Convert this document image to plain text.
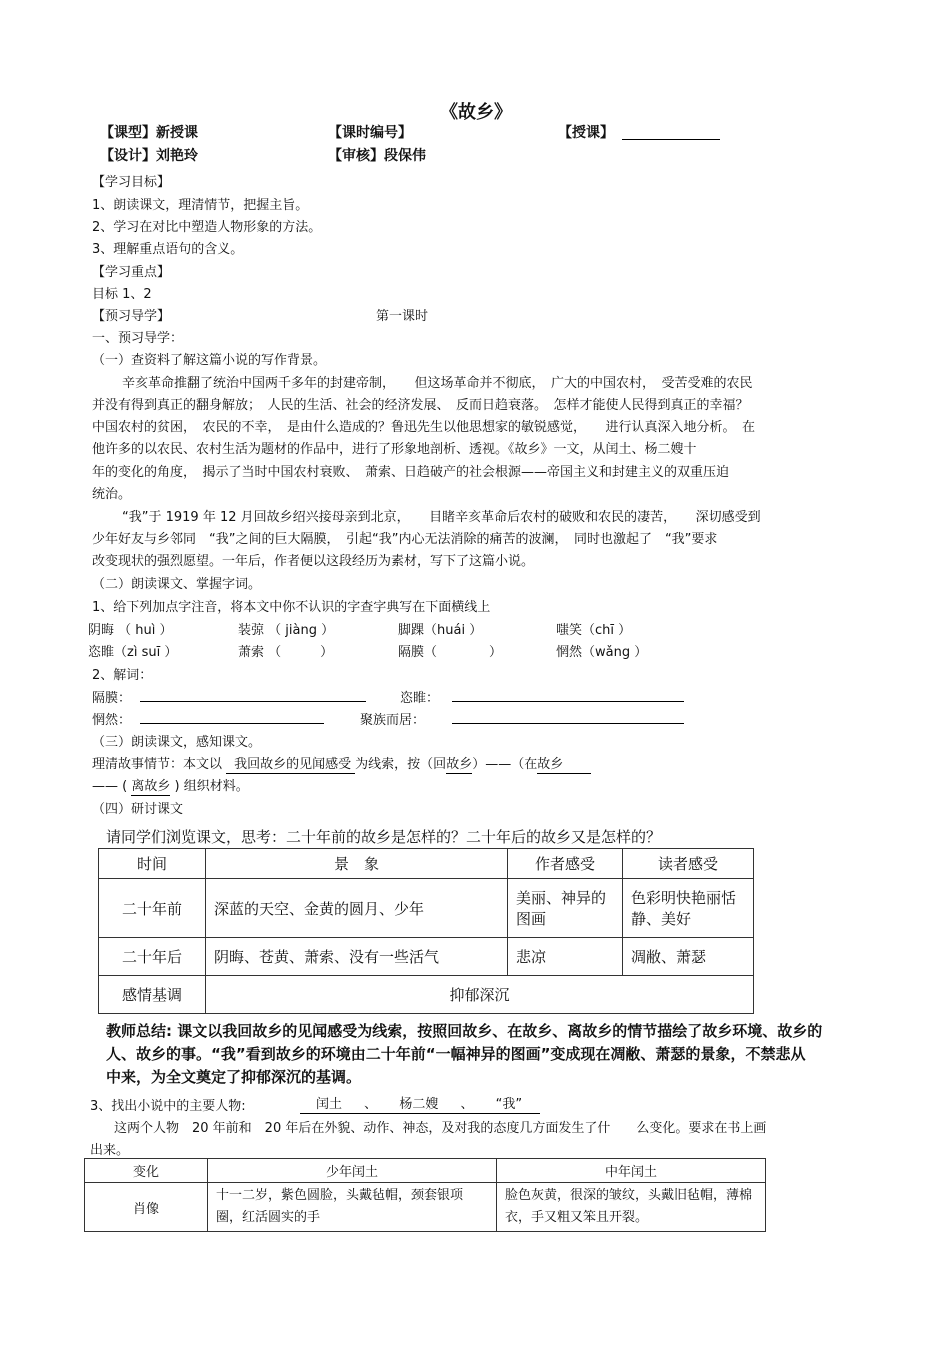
《故乡》
【课型】新授课	【课时编号】	【授课】
【设计】刘艳玲	【审核】段保伟
【学习目标】
1、朗读课文，理清情节，把握主旨。
2、学习在对比中塑造人物形象的方法。
3、理解重点语句的含义。
【学习重点】
目标 1、2
【预习导学】	第一课时
一、预习导学：
（一）查资料了解这篇小说的写作背景。
辛亥革命推翻了统治中国两千多年的封建帝制，　　但这场革命并不彻底，　广大的中国农村，　受苦受难的农民
并没有得到真正的翻身解放；　人民的生活、社会的经济发展、　反而日趋衰落。　怎样才能使人民得到真正的幸福？
中国农村的贫困，　农民的不幸，　是由什么造成的？鲁迅先生以他思想家的敏锐感觉，　　进行认真深入地分析。　在
他许多的以农民、农村生活为题材的作品中，进行了形象地剖析、透视。《故乡》一文，从闰土、杨二嫂十
年的变化的角度，　揭示了当时中国农村衰败、　萧索、日趋破产的社会根源——帝国主义和封建主义的双重压迫
统治。
“我”于 1919 年 12 月回故乡绍兴接母亲到北京，　　目睹辛亥革命后农村的破败和农民的凄苦，　　深切感受到
少年好友与乡邻同　“我”之间的巨大隔膜，　引起“我”内心无法消除的痛苦的波澜，　同时也激起了　“我”要求
改变现状的强烈愿望。一年后，作者便以这段经历为素材，写下了这篇小说。
（二）朗读课文、掌握字词。
1、给下列加点字注音，将本文中你不认识的字查字典写在下面横线上
阴晦 （ huì ）	装弶 （ jiàng ）	脚踝（huái ）	嗤笑（chī ）
恣睢（zì suī ）	萧索 （　　　）	隔膜（　　　　）	惘然（wǎng ）
2、解词：
隔膜：	恣睢：
惘然：	聚族而居：
（三）朗读课文，感知课文。
理清故事情节：本文以 我回故乡的见闻感受 为线索，按（回故乡）——（在故乡
—— ( 离故乡 ) 组织材料。
（四）研讨课文
请同学们浏览课文，思考：二十年前的故乡是怎样的？二十年后的故乡又是怎样的？
时间	景　象	作者感受	读者感受
二十年前	深蓝的天空、金黄的圆月、少年	美丽、神异的图画	色彩明快艳丽恬静、美好
二十年后	阴晦、苍黄、萧索、没有一些活气	悲凉	凋敝、萧瑟
感情基调	抑郁深沉		
教师总结: 课文以我回故乡的见闻感受为线索，按照回故乡、在故乡、离故乡的情节描绘了故乡环境、故乡的
人、故乡的事。“我”看到故乡的环境由二十年前“一幅神异的图画”变成现在凋敝、萧瑟的景象，不禁悲从
中来，为全文奠定了抑郁深沉的基调。
3、找出小说中的主要人物:	闰土 、 杨二嫂 、 “我”
这两个人物　20 年前和　20 年后在外貌、动作、神态，及对我的态度几方面发生了什　　么变化。要求在书上画
出来。
变化	少年闰土	中年闰土
肖像	十一二岁，紫色圆脸，头戴毡帽，颈套银项圈，红活圆实的手	脸色灰黄，很深的皱纹，头戴旧毡帽，薄棉衣，手又粗又笨且开裂。
